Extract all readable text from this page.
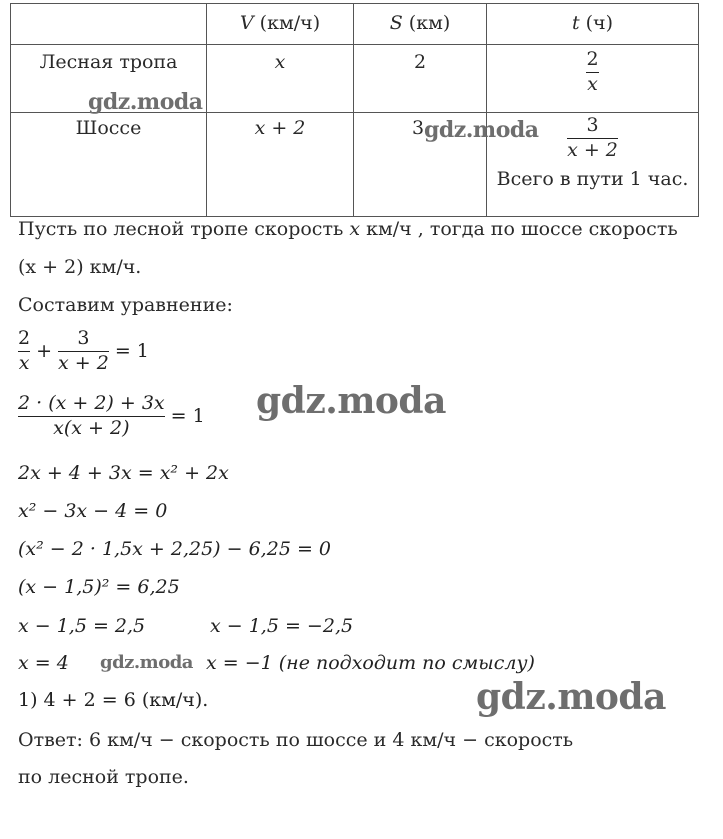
	V (км/ч)	S (км)	t (ч)
Лесная тропа	x	2	$\frac{2}{x}$

Шоссе	x + 2	3	$\frac{3}{x + 2}$
Всего в пути 1 час.
Пусть по лесной тропе скорость x км/ч , тогда по шоссе скорость
(x + 2) км/ч.
Составим уравнение:
$\frac{2}{x} + \frac{3}{x + 2} = 1$
$\frac{2 \cdot (x + 2) + 3x}{x(x + 2)} = 1$
2x + 4 + 3x = x² + 2x
x² − 3x − 4 = 0
(x² − 2 · 1,5x + 2,25) − 6,25 = 0
(x − 1,5)² = 6,25
x − 1,5 = 2,5	x − 1,5 = −2,5
x = 4	x = −1 (не подходит по смыслу)
1) 4 + 2 = 6 (км/ч).
Ответ: 6 км/ч − скорость по шоссе и 4 км/ч − скорость
по лесной тропе.
gdz.moda
gdz.moda
gdz.moda
gdz.moda
gdz.moda
